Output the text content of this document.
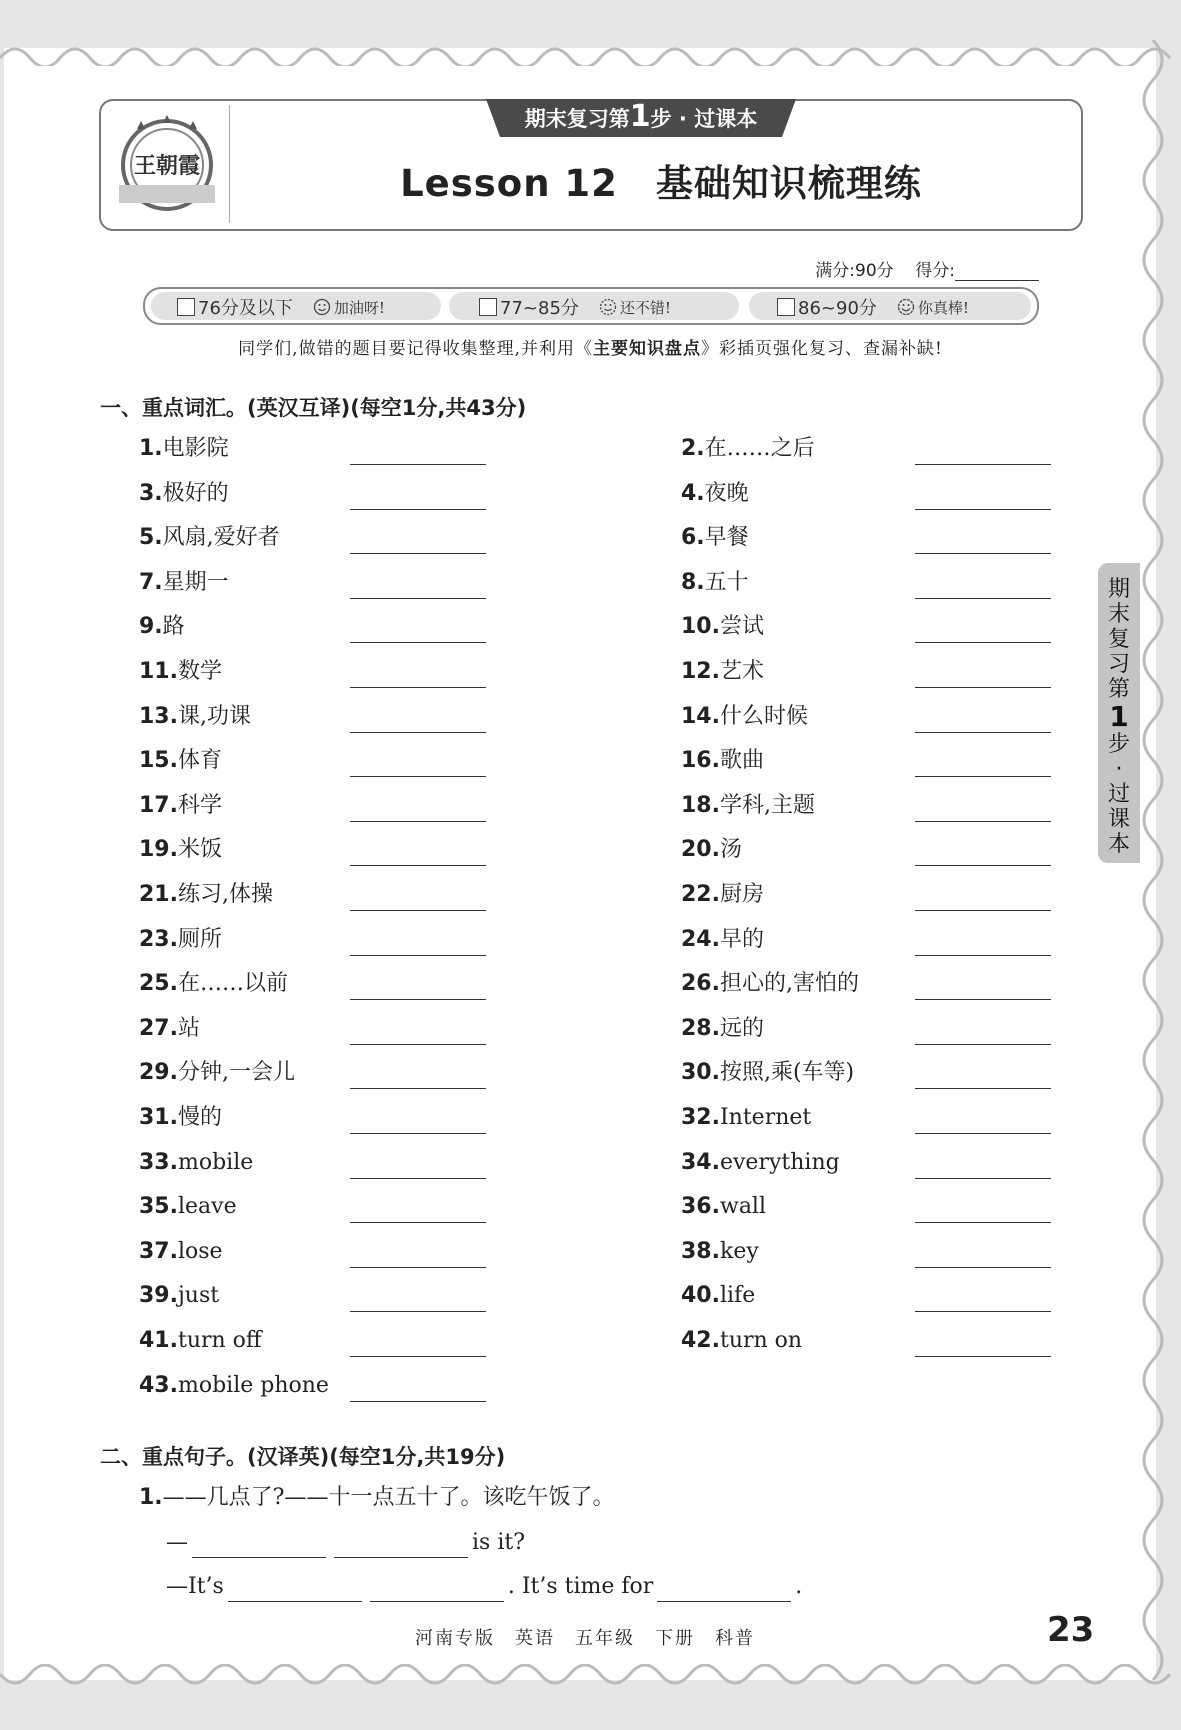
王朝霞
期末复习第1步 · 过课本
Lesson 12　基础知识梳理练
满分:90分 得分:
76分及以下	加油呀!	77~85分	还不错!	86~90分	你真棒!
同学们,做错的题目要记得收集整理,并利用《主要知识盘点》彩插页强化复习、查漏补缺!
一、重点词汇。(英汉互译)(每空1分,共43分)
1.电影院	2.在……之后
3.极好的	4.夜晚
5.风扇,爱好者	6.早餐
7.星期一	8.五十
9.路	10.尝试
11.数学	12.艺术
13.课,功课	14.什么时候
15.体育	16.歌曲
17.科学	18.学科,主题
19.米饭	20.汤
21.练习,体操	22.厨房
23.厕所	24.早的
25.在……以前	26.担心的,害怕的
27.站	28.远的
29.分钟,一会儿	30.按照,乘(车等)
31.慢的	32.Internet
33.mobile	34.everything
35.leave	36.wall
37.lose	38.key
39.just	40.life
41.turn off	42.turn on
43.mobile phone
二、重点句子。(汉译英)(每空1分,共19分)
1.——几点了?——十一点五十了。该吃午饭了。
—	is it?
—It’s	. It’s time for	.
期
末
复
习
第
1
步
·
过
课
本
河南专版　英语　五年级　下册　科普	23
